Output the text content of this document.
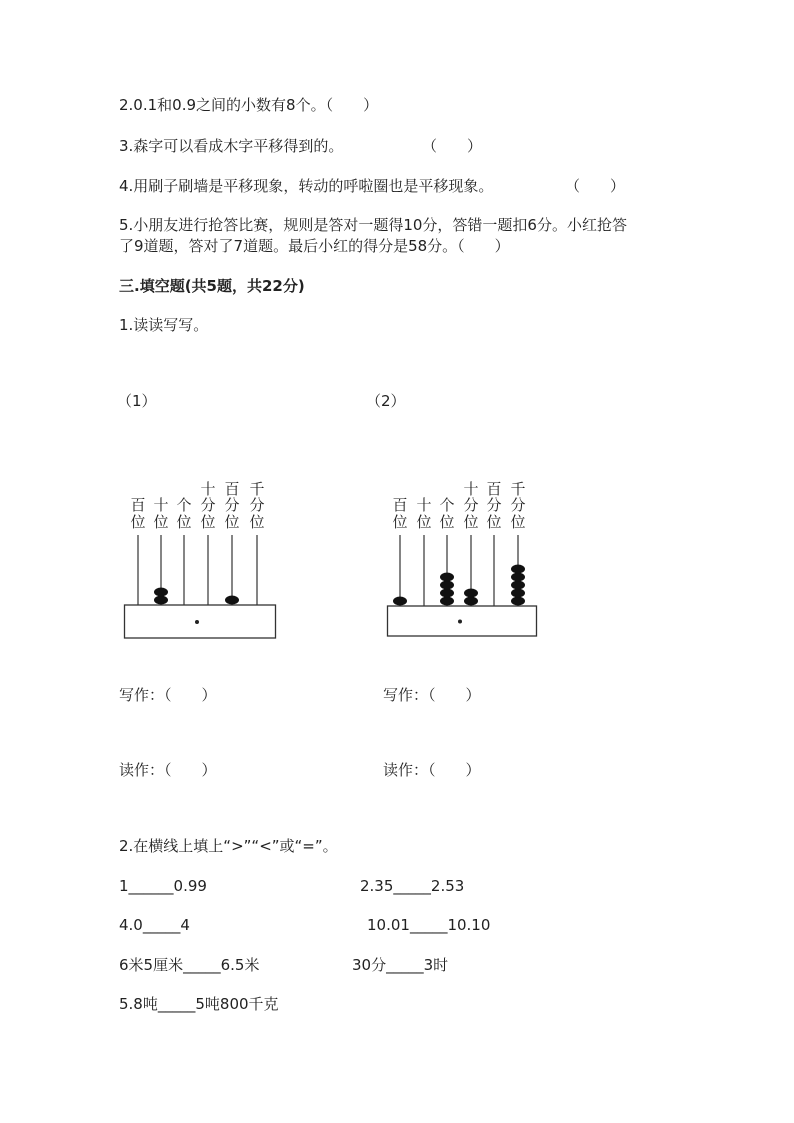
2.0.1和0.9之间的小数有8个。（　　）
3.森字可以看成木字平移得到的。	（　　）
4.用刷子刷墙是平移现象，转动的呼啦圈也是平移现象。	（　　）
5.小朋友进行抢答比赛，规则是答对一题得10分，答错一题扣6分。小红抢答
了9道题，答对了7道题。最后小红的得分是58分。（　　）
三.填空题(共5题，共22分)
1.读读写写。
（1）	（2）
百
位
十
位
个
位
十
分
位
百
分
位
千
分
位
百
位
十
位
个
位
十
分
位
百
分
位
千
分
位
写作：（　　）	写作：（　　）
读作：（　　）	读作：（　　）
2.在横线上填上“>”“<”或“=”。
1______0.99	2.35_____2.53
4.0_____4	10.01_____10.10
6米5厘米_____6.5米	30分_____3时
5.8吨_____5吨800千克
